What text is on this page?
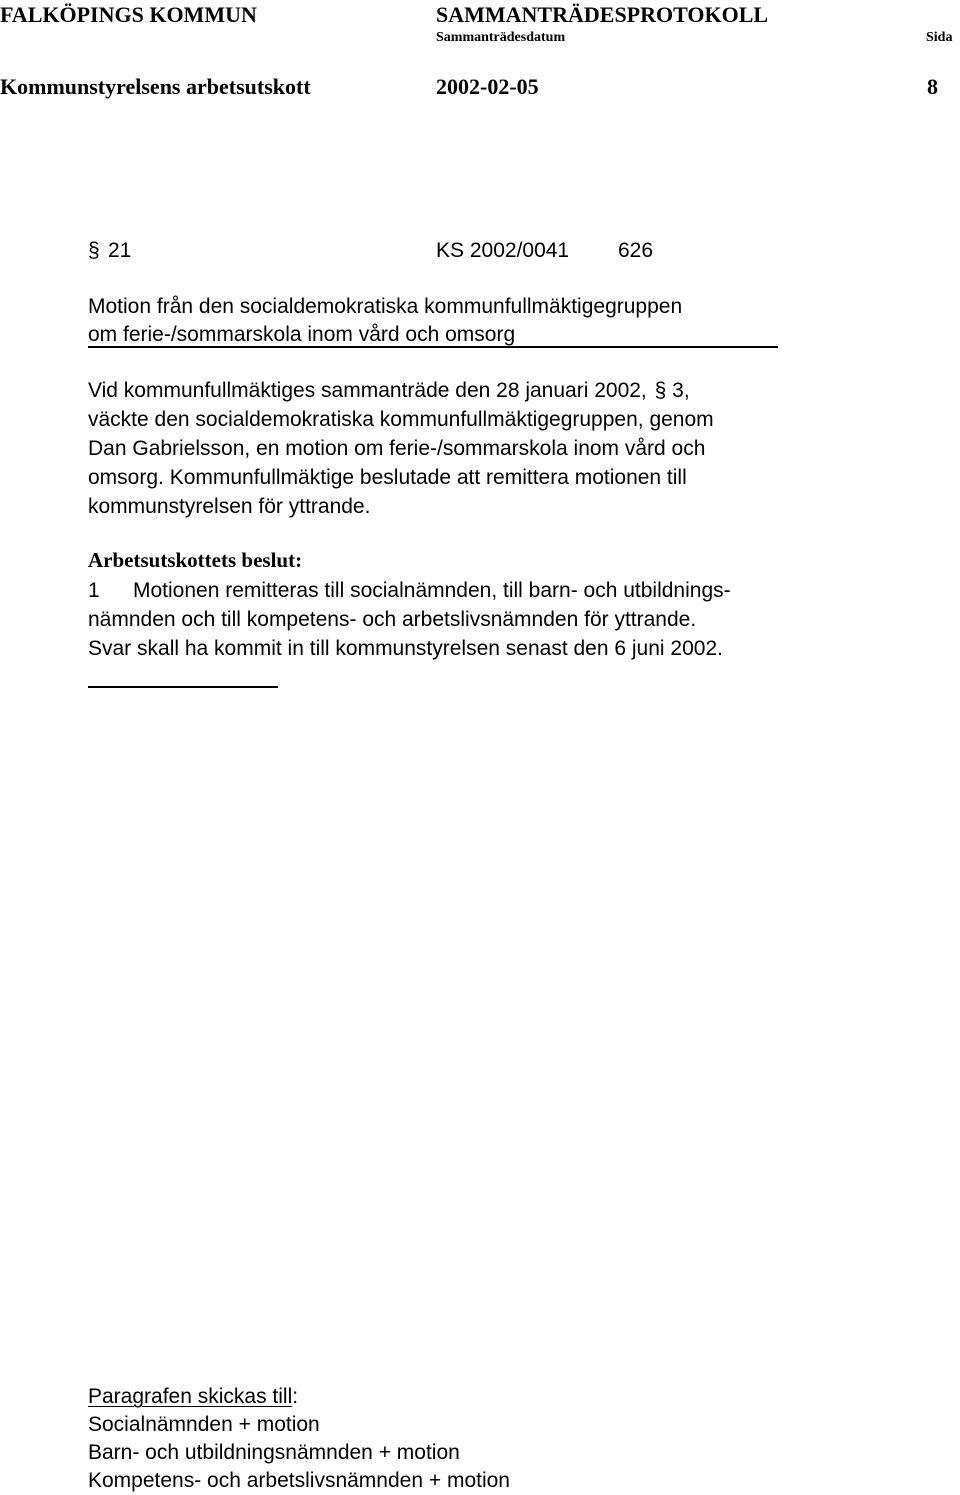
FALKÖPINGS KOMMUN	SAMMANTRÄDESPROTOKOLL
Sammanträdesdatum	Sida
Kommunstyrelsens arbetsutskott	2002-02-05	8
§ 21	KS 2002/0041 626
Motion från den socialdemokratiska kommunfullmäktigegruppen
om ferie-/sommarskola inom vård och omsorg
Vid kommunfullmäktiges sammanträde den 28 januari 2002, § 3,
väckte den socialdemokratiska kommunfullmäktigegruppen, genom
Dan Gabrielsson, en motion om ferie-/sommarskola inom vård och
omsorg. Kommunfullmäktige beslutade att remittera motionen till
kommunstyrelsen för yttrande.
Arbetsutskottets beslut:
1 Motionen remitteras till socialnämnden, till barn- och utbildnings-
nämnden och till kompetens- och arbetslivsnämnden för yttrande.
Svar skall ha kommit in till kommunstyrelsen senast den 6 juni 2002.
Paragrafen skickas till:
Socialnämnden + motion
Barn- och utbildningsnämnden + motion
Kompetens- och arbetslivsnämnden + motion
